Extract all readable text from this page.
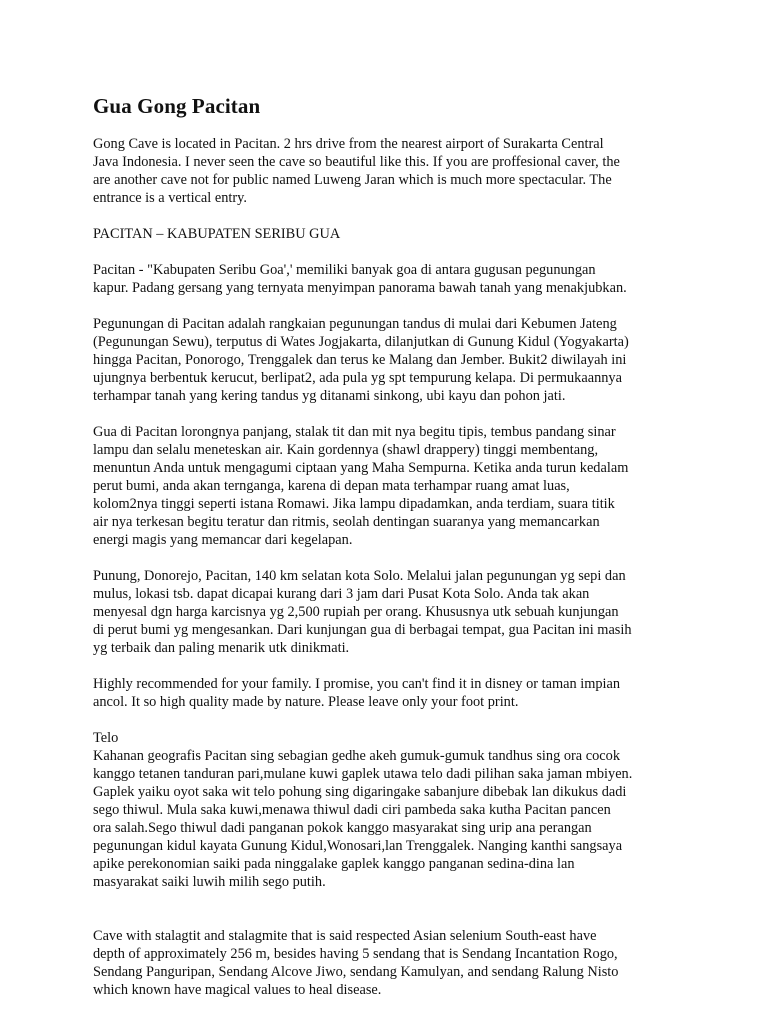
Gua Gong Pacitan

Gong Cave is located in Pacitan. 2 hrs drive from the nearest airport of Surakarta Central
Java Indonesia. I never seen the cave so beautiful like this. If you are proffesional caver, the
are another cave not for public named Luweng Jaran which is much more spectacular. The
entrance is a vertical entry.

PACITAN – KABUPATEN SERIBU GUA

Pacitan - "Kabupaten Seribu Goa',' memiliki banyak goa di antara gugusan pegunungan
kapur. Padang gersang yang ternyata menyimpan panorama bawah tanah yang menakjubkan.

Pegunungan di Pacitan adalah rangkaian pegunungan tandus di mulai dari Kebumen Jateng
(Pegunungan Sewu), terputus di Wates Jogjakarta, dilanjutkan di Gunung Kidul (Yogyakarta)
hingga Pacitan, Ponorogo, Trenggalek dan terus ke Malang dan Jember. Bukit2 diwilayah ini
ujungnya berbentuk kerucut, berlipat2, ada pula yg spt tempurung kelapa. Di permukaannya
terhampar tanah yang kering tandus yg ditanami sinkong, ubi kayu dan pohon jati.

Gua di Pacitan lorongnya panjang, stalak tit dan mit nya begitu tipis, tembus pandang sinar
lampu dan selalu meneteskan air. Kain gordennya (shawl drappery) tinggi membentang,
menuntun Anda untuk mengagumi ciptaan yang Maha Sempurna. Ketika anda turun kedalam
perut bumi, anda akan ternganga, karena di depan mata terhampar ruang amat luas,
kolom2nya tinggi seperti istana Romawi. Jika lampu dipadamkan, anda terdiam, suara titik
air nya terkesan begitu teratur dan ritmis, seolah dentingan suaranya yang memancarkan
energi magis yang memancar dari kegelapan.

Punung, Donorejo, Pacitan, 140 km selatan kota Solo. Melalui jalan pegunungan yg sepi dan
mulus, lokasi tsb. dapat dicapai kurang dari 3 jam dari Pusat Kota Solo. Anda tak akan
menyesal dgn harga karcisnya yg 2,500 rupiah per orang. Khususnya utk sebuah kunjungan
di perut bumi yg mengesankan. Dari kunjungan gua di berbagai tempat, gua Pacitan ini masih
yg terbaik dan paling menarik utk dinikmati.

Highly recommended for your family. I promise, you can't find it in disney or taman impian
ancol. It so high quality made by nature. Please leave only your foot print.

Telo
Kahanan geografis Pacitan sing sebagian gedhe akeh gumuk-gumuk tandhus sing ora cocok
kanggo tetanen tanduran pari,mulane kuwi gaplek utawa telo dadi pilihan saka jaman mbiyen.
Gaplek yaiku oyot saka wit telo pohung sing digaringake sabanjure dibebak lan dikukus dadi
sego thiwul. Mula saka kuwi,menawa thiwul dadi ciri pambeda saka kutha Pacitan pancen
ora salah.Sego thiwul dadi panganan pokok kanggo masyarakat sing urip ana perangan
pegunungan kidul kayata Gunung Kidul,Wonosari,lan Trenggalek. Nanging kanthi sangsaya
apike perekonomian saiki pada ninggalake gaplek kanggo panganan sedina-dina lan
masyarakat saiki luwih milih sego putih.

Cave with stalagtit and stalagmite that is said respected Asian selenium South-east have
depth of approximately 256 m, besides having 5 sendang that is Sendang Incantation Rogo,
Sendang Panguripan, Sendang Alcove Jiwo, sendang Kamulyan, and sendang Ralung Nisto
which known have magical values to heal disease.
